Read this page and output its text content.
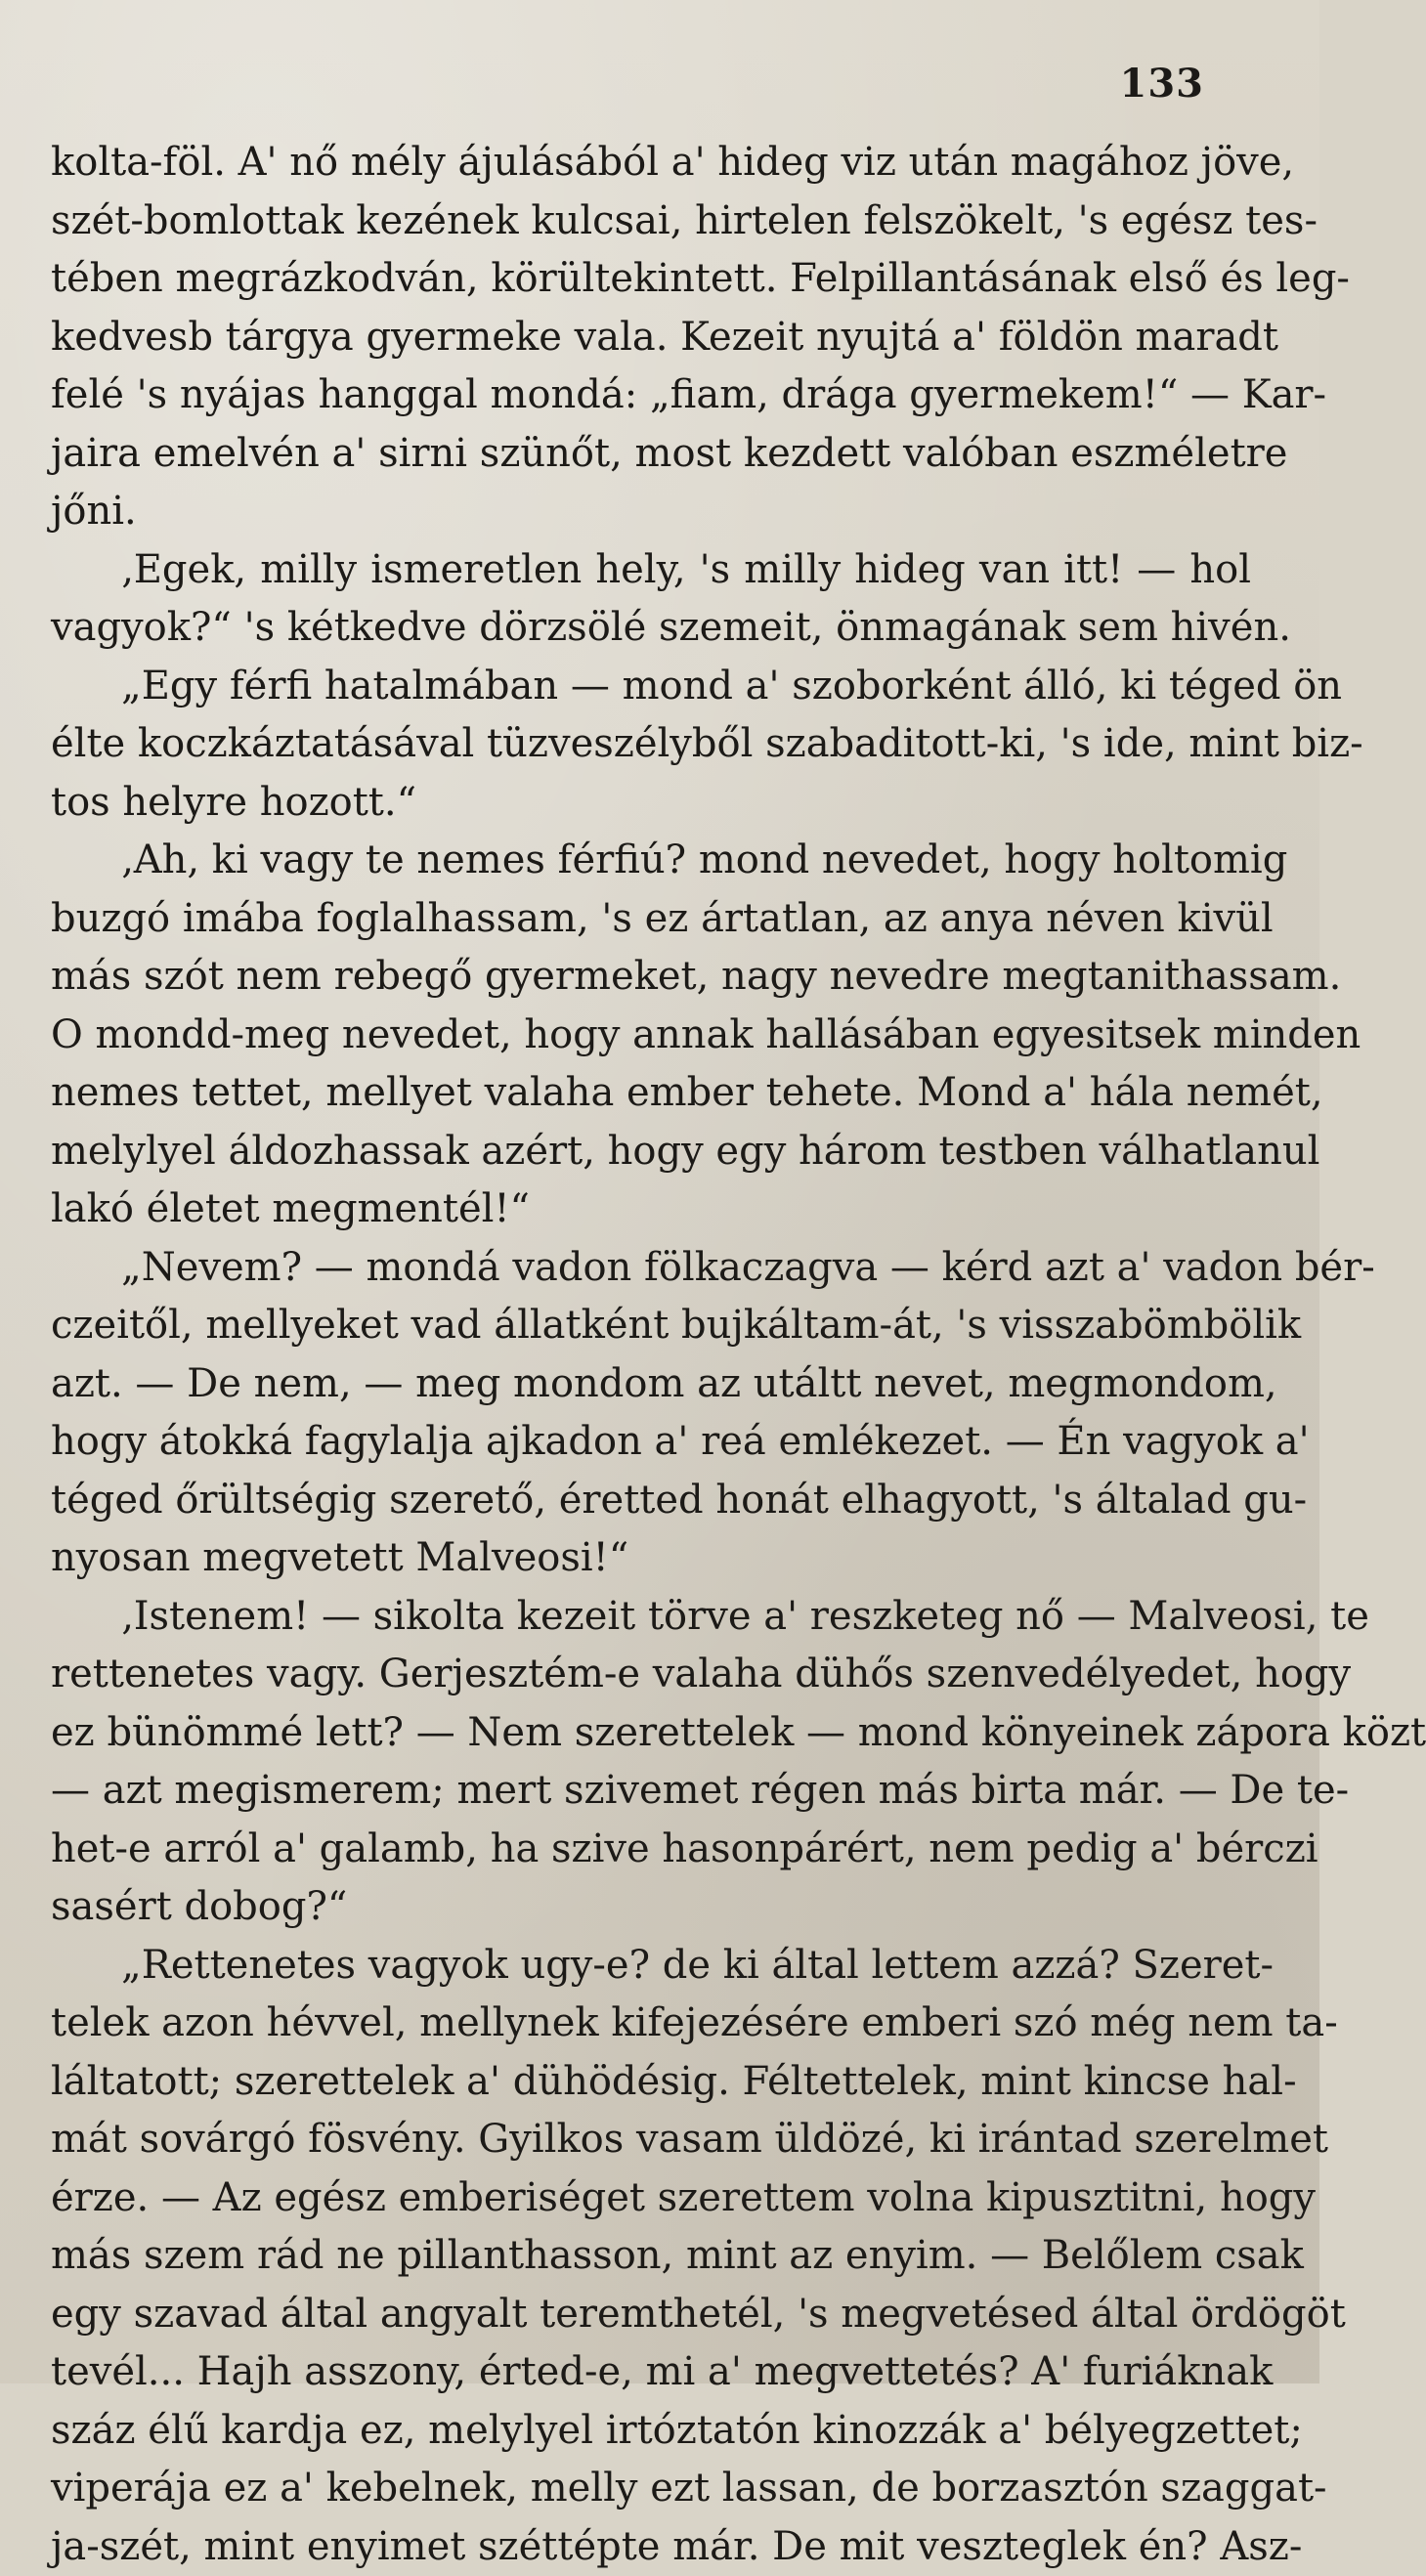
133
kolta-föl. A' nő mély ájulásából a' hideg viz után magához jöve,
szét-bomlottak kezének kulcsai, hirtelen felszökelt, 's egész tes-
tében megrázkodván, körültekintett. Felpillantásának első és leg-
kedvesb tárgya gyermeke vala. Kezeit nyujtá a' földön maradt
felé 's nyájas hanggal mondá: „fiam, drága gyermekem!“ — Kar-
jaira emelvén a' sirni szünőt, most kezdett valóban eszméletre
jőni.
‚Egek, milly ismeretlen hely, 's milly hideg van itt! — hol
vagyok?“ 's kétkedve dörzsölé szemeit, önmagának sem hivén.
„Egy férfi hatalmában — mond a' szoborként álló, ki téged ön
élte koczkáztatásával tüzveszélyből szabaditott-ki, 's ide, mint biz-
tos helyre hozott.“
‚Ah, ki vagy te nemes férfiú? mond nevedet, hogy holtomig
buzgó imába foglalhassam, 's ez ártatlan, az anya néven kivül
más szót nem rebegő gyermeket, nagy nevedre megtanithassam.
O mondd-meg nevedet, hogy annak hallásában egyesitsek minden
nemes tettet, mellyet valaha ember tehete. Mond a' hála nemét,
melylyel áldozhassak azért, hogy egy három testben válhatlanul
lakó életet megmentél!“
„Nevem? — mondá vadon fölkaczagva — kérd azt a' vadon bér-
czeitől, mellyeket vad állatként bujkáltam-át, 's visszabömbölik
azt. — De nem, — meg mondom az utáltt nevet, megmondom,
hogy átokká fagylalja ajkadon a' reá emlékezet. — Én vagyok a'
téged őrültségig szerető, éretted honát elhagyott, 's általad gu-
nyosan megvetett Malveosi!“
‚Istenem! — sikolta kezeit törve a' reszketeg nő — Malveosi, te
rettenetes vagy. Gerjesztém-e valaha dühős szenvedélyedet, hogy
ez bünömmé lett? — Nem szerettelek — mond könyeinek zápora közt
— azt megismerem; mert szivemet régen más birta már. — De te-
het-e arról a' galamb, ha szive hasonpárért, nem pedig a' bérczi
sasért dobog?“
„Rettenetes vagyok ugy-e? de ki által lettem azzá? Szeret-
telek azon hévvel, mellynek kifejezésére emberi szó még nem ta-
láltatott; szerettelek a' dühödésig. Féltettelek, mint kincse hal-
mát sovárgó fösvény. Gyilkos vasam üldözé, ki irántad szerelmet
érze. — Az egész emberiséget szerettem volna kipusztitni, hogy
más szem rád ne pillanthasson, mint az enyim. — Belőlem csak
egy szavad által angyalt teremthetél, 's megvetésed által ördögöt
tevél... Hajh asszony, érted-e, mi a' megvettetés? A' furiáknak
száz élű kardja ez, melylyel irtóztatón kinozzák a' bélyegzettet;
viperája ez a' kebelnek, melly ezt lassan, de borzasztón szaggat-
ja-szét, mint enyimet széttépte már. De mit veszteglek én? Asz-
